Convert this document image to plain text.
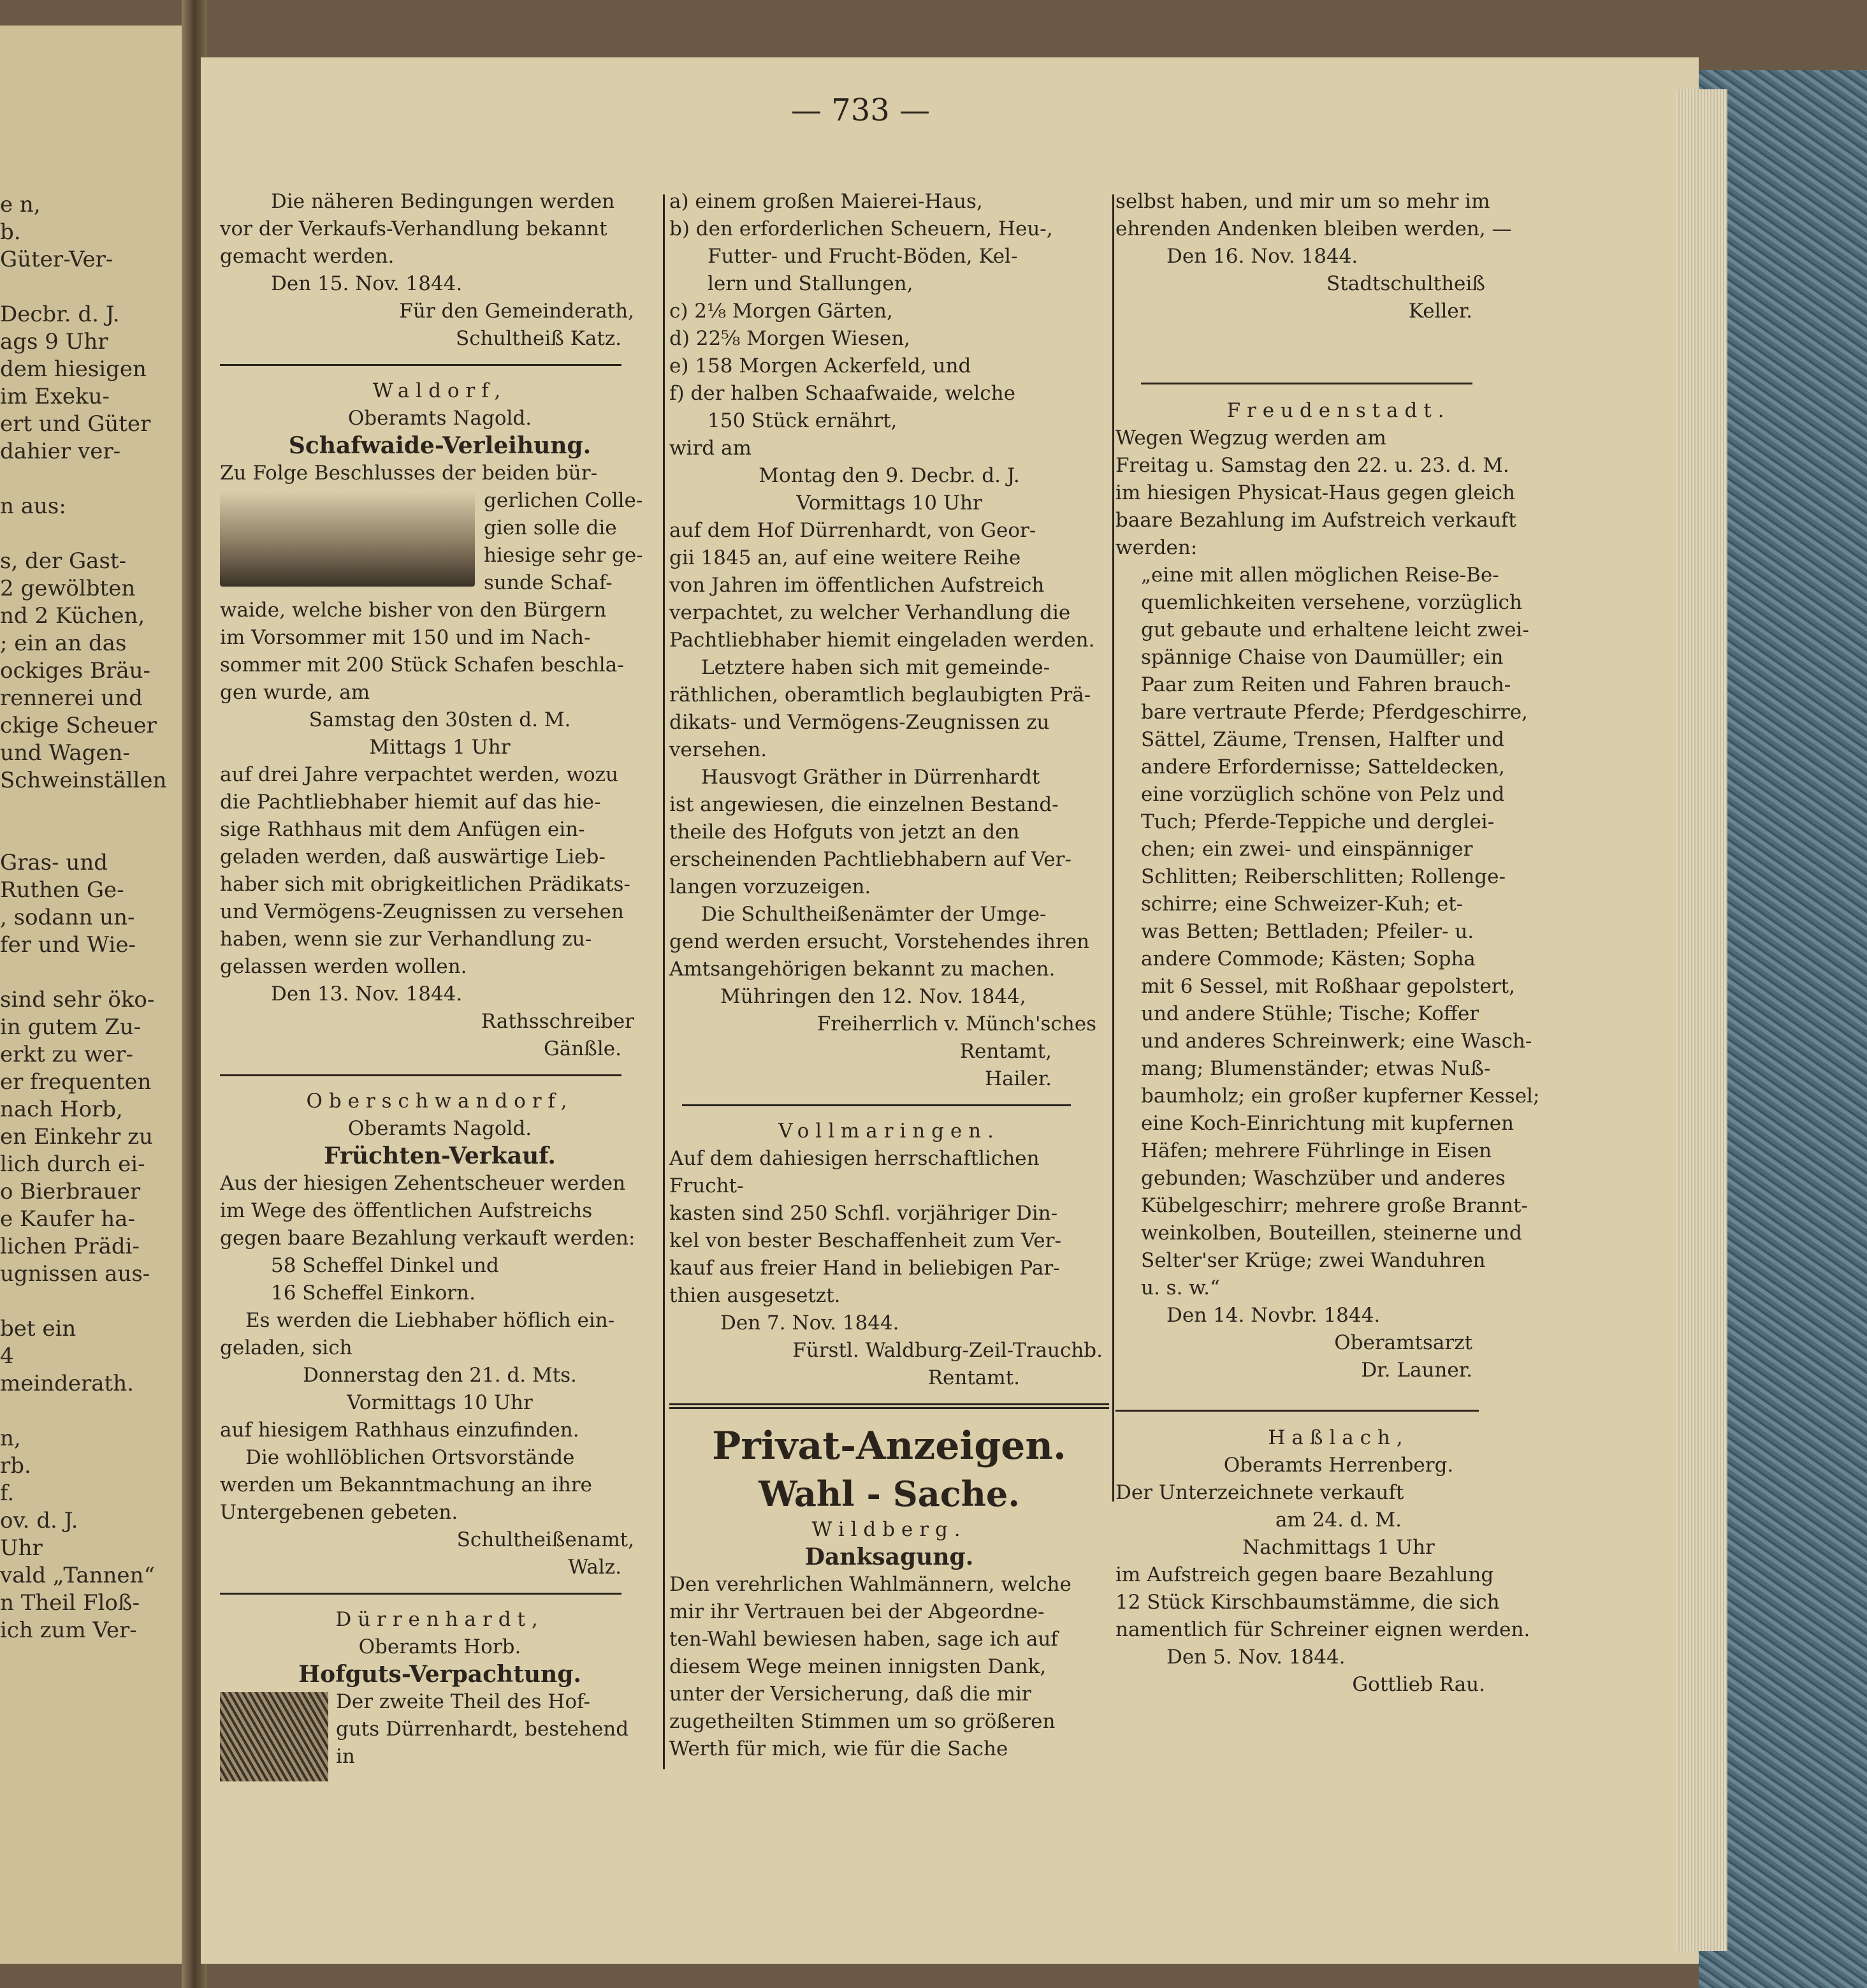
e n,
b.
Güter-Ver-
Decbr. d. J.
ags 9 Uhr
dem hiesigen
im Exeku-
ert und Güter
dahier ver-
n aus:
s, der Gast-
2 gewölbten
nd 2 Küchen,
; ein an das
ockiges Bräu-
rennerei und
ckige Scheuer
und Wagen-
Schweinställen
Gras- und
Ruthen Ge-
, sodann un-
fer und Wie-
sind sehr öko-
in gutem Zu-
erkt zu wer-
er frequenten
nach Horb,
en Einkehr zu
lich durch ei-
o Bierbrauer
e Kaufer ha-
lichen Prädi-
ugnissen aus-
bet ein
4
meinderath.
n,
rb.
f.
ov. d. J.
Uhr
vald „Tannen“
n Theil Floß-
ich zum Ver-
— 733 —

Die näheren Bedingungen werden

vor der Verkaufs-Verhandlung bekannt

gemacht werden.

Den 15. Nov. 1844.

Für den Gemeinderath,

Schultheiß Katz.

Waldorf,

Oberamts Nagold.

Schafwaide-Verleihung.

Zu Folge Beschlusses der beiden bür-

gerlichen Colle-

gien solle die

hiesige sehr ge-

sunde Schaf-

waide, welche bisher von den Bürgern

im Vorsommer mit 150 und im Nach-

sommer mit 200 Stück Schafen beschla-

gen wurde, am

Samstag den 30sten d. M.

Mittags 1 Uhr

auf drei Jahre verpachtet werden, wozu

die Pachtliebhaber hiemit auf das hie-

sige Rathhaus mit dem Anfügen ein-

geladen werden, daß auswärtige Lieb-

haber sich mit obrigkeitlichen Prädikats-

und Vermögens-Zeugnissen zu versehen

haben, wenn sie zur Verhandlung zu-

gelassen werden wollen.

Den 13. Nov. 1844.

Rathsschreiber

Gänßle.

Oberschwandorf,

Oberamts Nagold.

Früchten-Verkauf.

Aus der hiesigen Zehentscheuer werden

im Wege des öffentlichen Aufstreichs

gegen baare Bezahlung verkauft werden:

58 Scheffel Dinkel und

16 Scheffel Einkorn.

Es werden die Liebhaber höflich ein-

geladen, sich

Donnerstag den 21. d. Mts.

Vormittags 10 Uhr

auf hiesigem Rathhaus einzufinden.

Die wohllöblichen Ortsvorstände

werden um Bekanntmachung an ihre

Untergebenen gebeten.

Schultheißenamt,

Walz.

Dürrenhardt,

Oberamts Horb.

Hofguts-Verpachtung.

Der zweite Theil des Hof-

guts Dürrenhardt, bestehend

in

a) einem großen Maierei-Haus,

b) den erforderlichen Scheuern, Heu-,

Futter- und Frucht-Böden, Kel-

lern und Stallungen,

c) 2⅛ Morgen Gärten,

d) 22⅝ Morgen Wiesen,

e) 158 Morgen Ackerfeld, und

f) der halben Schaafwaide, welche

150 Stück ernährt,

wird am

Montag den 9. Decbr. d. J.

Vormittags 10 Uhr

auf dem Hof Dürrenhardt, von Geor-

gii 1845 an, auf eine weitere Reihe

von Jahren im öffentlichen Aufstreich

verpachtet, zu welcher Verhandlung die

Pachtliebhaber hiemit eingeladen werden.

Letztere haben sich mit gemeinde-

räthlichen, oberamtlich beglaubigten Prä-

dikats- und Vermögens-Zeugnissen zu

versehen.

Hausvogt Gräther in Dürrenhardt

ist angewiesen, die einzelnen Bestand-

theile des Hofguts von jetzt an den

erscheinenden Pachtliebhabern auf Ver-

langen vorzuzeigen.

Die Schultheißenämter der Umge-

gend werden ersucht, Vorstehendes ihren

Amtsangehörigen bekannt zu machen.

Mühringen den 12. Nov. 1844,

Freiherrlich v. Münch'sches

Rentamt,

Hailer.

Vollmaringen.

Auf dem dahiesigen herrschaftlichen Frucht-

kasten sind 250 Schfl. vorjähriger Din-

kel von bester Beschaffenheit zum Ver-

kauf aus freier Hand in beliebigen Par-

thien ausgesetzt.

Den 7. Nov. 1844.

Fürstl. Waldburg-Zeil-Trauchb.

Rentamt.

Privat-Anzeigen.

Wahl - Sache.

Wildberg.

Danksagung.

Den verehrlichen Wahlmännern, welche

mir ihr Vertrauen bei der Abgeordne-

ten-Wahl bewiesen haben, sage ich auf

diesem Wege meinen innigsten Dank,

unter der Versicherung, daß die mir

zugetheilten Stimmen um so größeren

Werth für mich, wie für die Sache

selbst haben, und mir um so mehr im

ehrenden Andenken bleiben werden, —

Den 16. Nov. 1844.

Stadtschultheiß

Keller.

Freudenstadt.

Wegen Wegzug werden am

Freitag u. Samstag den 22. u. 23. d. M.

im hiesigen Physicat-Haus gegen gleich

baare Bezahlung im Aufstreich verkauft

werden:

„eine mit allen möglichen Reise-Be-

quemlichkeiten versehene, vorzüglich

gut gebaute und erhaltene leicht zwei-

spännige Chaise von Daumüller; ein

Paar zum Reiten und Fahren brauch-

bare vertraute Pferde; Pferdgeschirre,

Sättel, Zäume, Trensen, Halfter und

andere Erfordernisse; Satteldecken,

eine vorzüglich schöne von Pelz und

Tuch; Pferde-Teppiche und derglei-

chen; ein zwei- und einspänniger

Schlitten; Reiberschlitten; Rollenge-

schirre; eine Schweizer-Kuh; et-

was Betten; Bettladen; Pfeiler- u.

andere Commode; Kästen; Sopha

mit 6 Sessel, mit Roßhaar gepolstert,

und andere Stühle; Tische; Koffer

und anderes Schreinwerk; eine Wasch-

mang; Blumenständer; etwas Nuß-

baumholz; ein großer kupferner Kessel;

eine Koch-Einrichtung mit kupfernen

Häfen; mehrere Führlinge in Eisen

gebunden; Waschzüber und anderes

Kübelgeschirr; mehrere große Brannt-

weinkolben, Bouteillen, steinerne und

Selter'ser Krüge; zwei Wanduhren

u. s. w.“

Den 14. Novbr. 1844.

Oberamtsarzt

Dr. Launer.

Haßlach,

Oberamts Herrenberg.

Der Unterzeichnete verkauft

am 24. d. M.

Nachmittags 1 Uhr

im Aufstreich gegen baare Bezahlung

12 Stück Kirschbaumstämme, die sich

namentlich für Schreiner eignen werden.

Den 5. Nov. 1844.

Gottlieb Rau.
